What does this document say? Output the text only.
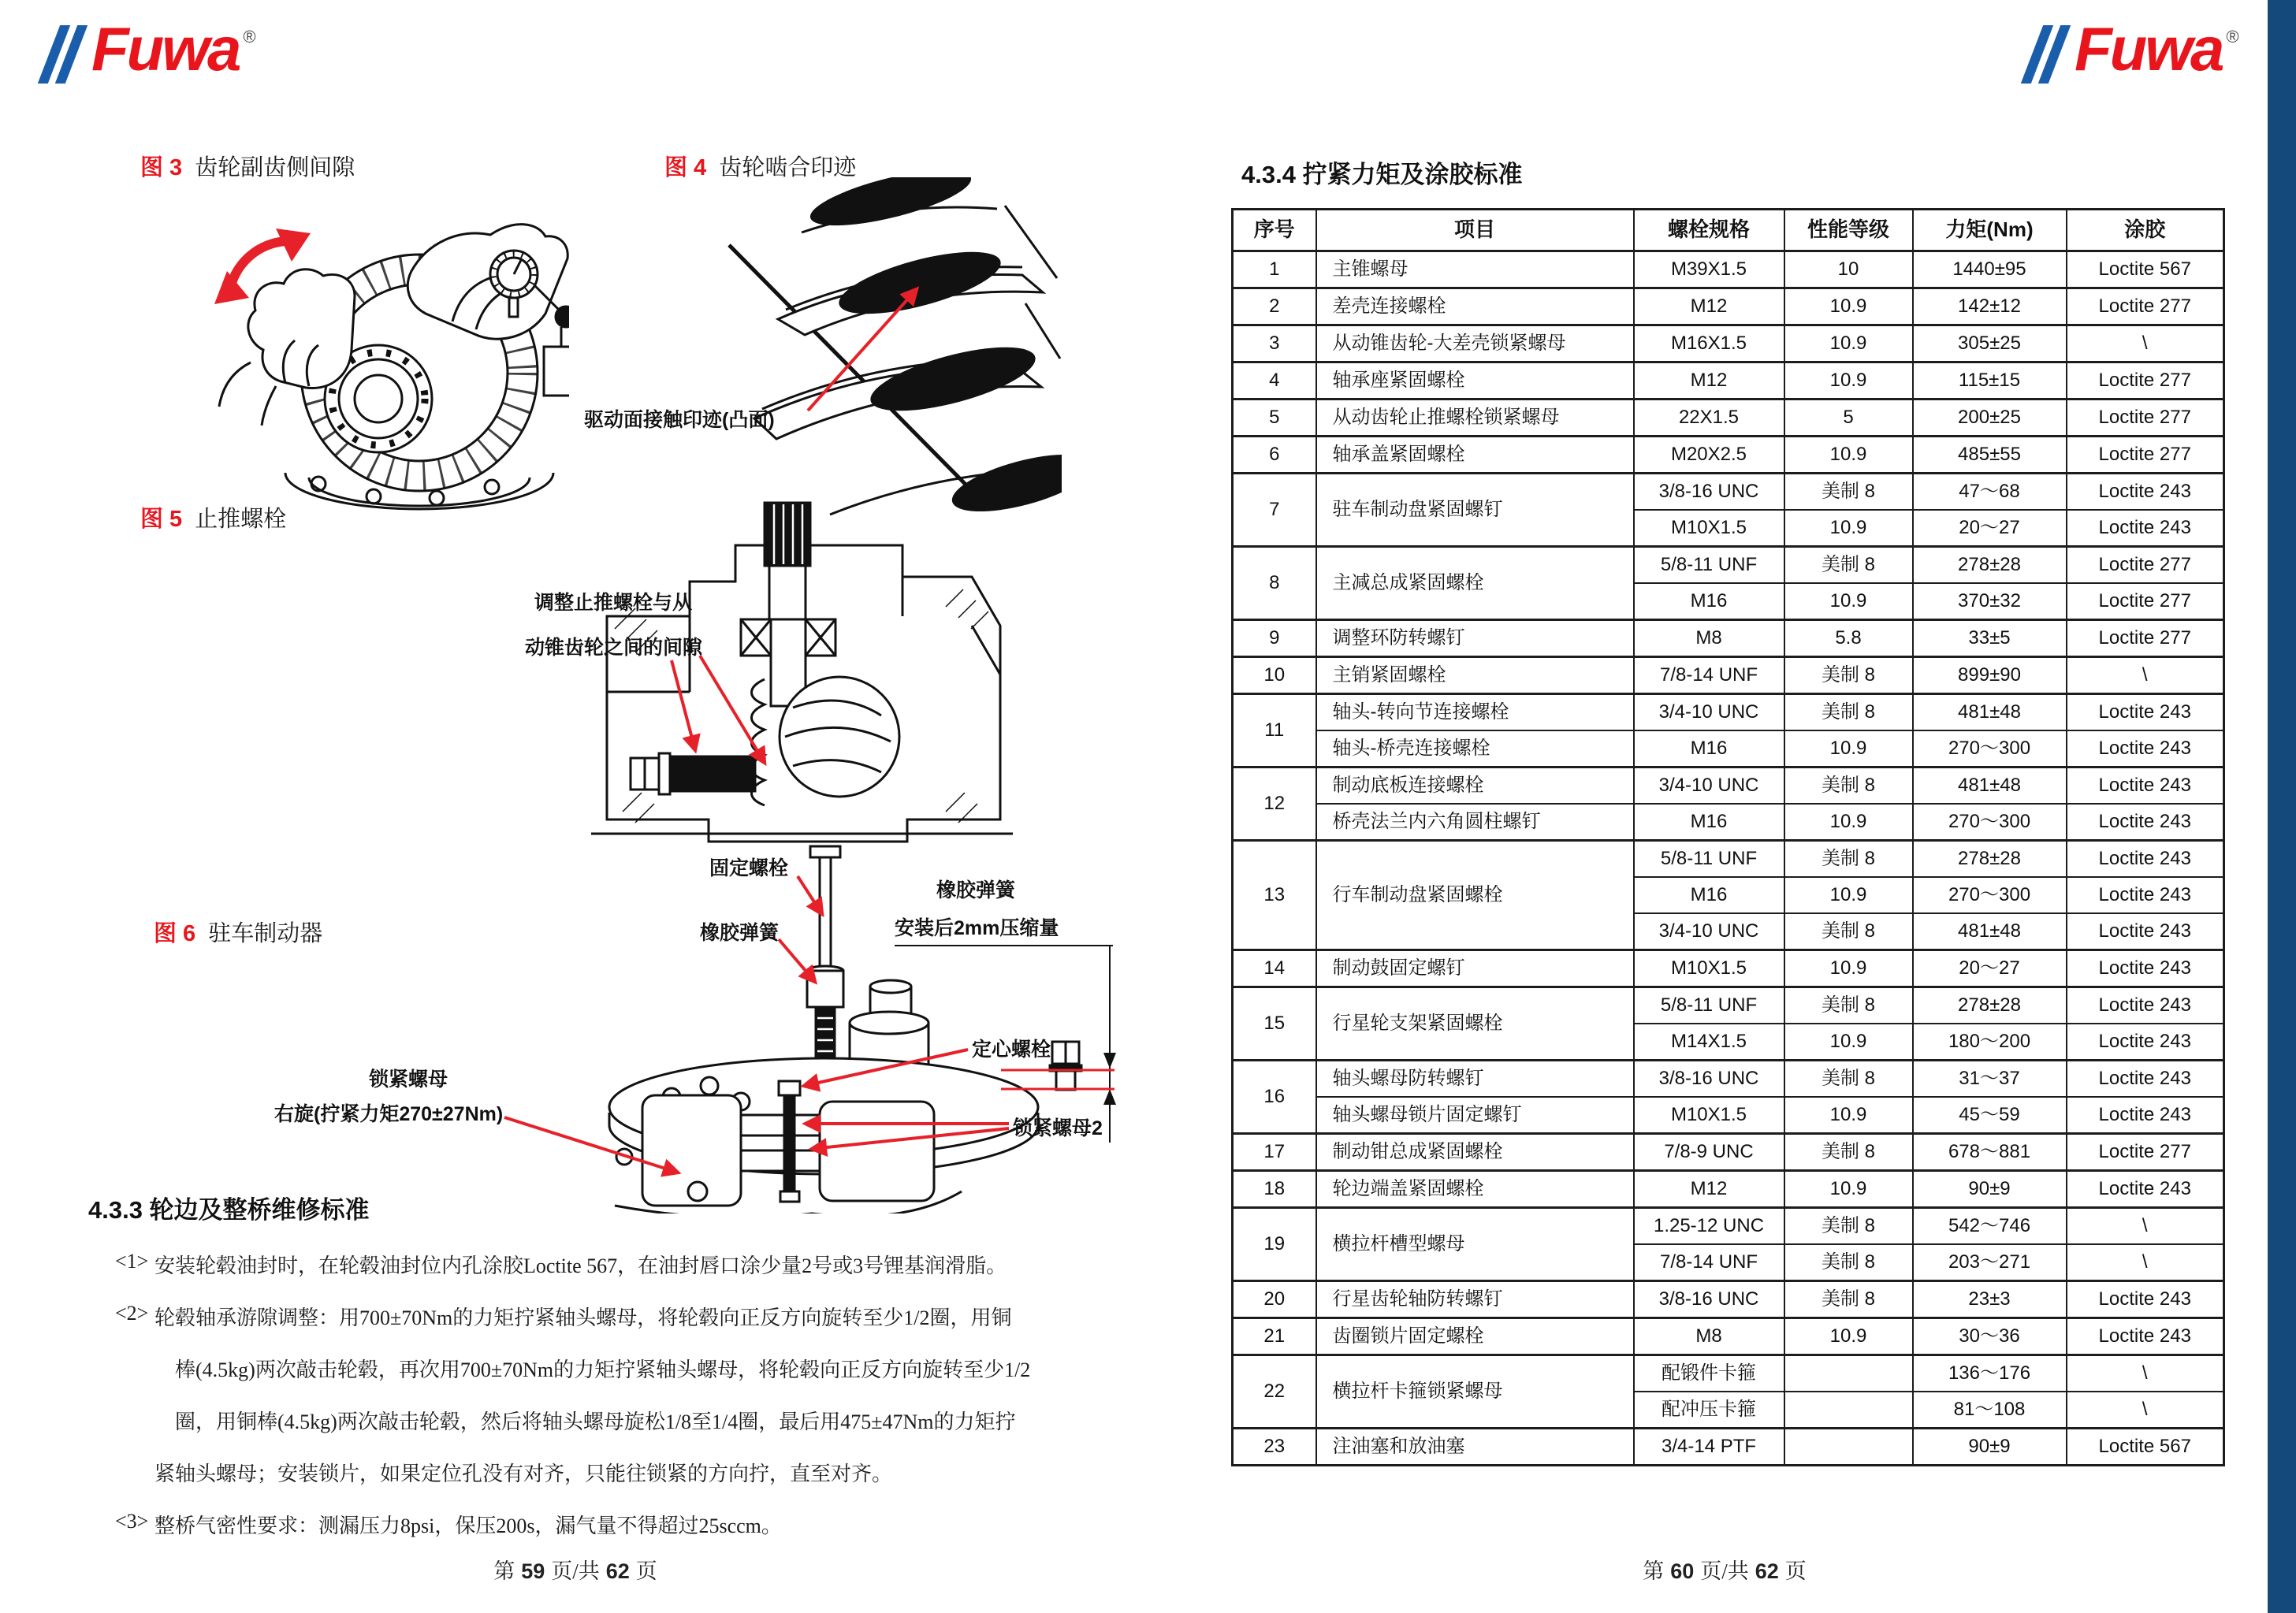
Fuwa ®
图 3 齿轮副齿侧间隙	图 4 齿轮啮合印迹
驱动面接触印迹(凸面)
图 5 止推螺栓
调整止推螺栓与从
动锥齿轮之间的间隙
图 6 驻车制动器
固定螺栓
橡胶弹簧
橡胶弹簧
安装后2mm压缩量
锁紧螺母
右旋(拧紧力矩270±27Nm)
定心螺栓
锁紧螺母2
4.3.3 轮边及整桥维修标准
<1> 安装轮毂油封时，在轮毂油封位内孔涂胶Loctite 567，在油封唇口涂少量2号或3号锂基润滑脂。
<2> 轮毂轴承游隙调整：用700±70Nm的力矩拧紧轴头螺母，将轮毂向正反方向旋转至少1/2圈，用铜
棒(4.5kg)两次敲击轮毂，再次用700±70Nm的力矩拧紧轴头螺母，将轮毂向正反方向旋转至少1/2
圈，用铜棒(4.5kg)两次敲击轮毂，然后将轴头螺母旋松1/8至1/4圈，最后用475±47Nm的力矩拧
紧轴头螺母；安装锁片，如果定位孔没有对齐，只能往锁紧的方向拧，直至对齐。
<3> 整桥气密性要求：测漏压力8psi，保压200s，漏气量不得超过25sccm。
第 59 页/共 62 页
Fuwa ®
4.3.4 拧紧力矩及涂胶标准
序号	项目	螺栓规格	性能等级	力矩(Nm)	涂胶
1	主锥螺母	M39X1.5	10	1440±95	Loctite 567
2	差壳连接螺栓	M12	10.9	142±12	Loctite 277
3	从动锥齿轮-大差壳锁紧螺母	M16X1.5	10.9	305±25	\
4	轴承座紧固螺栓	M12	10.9	115±15	Loctite 277
5	从动齿轮止推螺栓锁紧螺母	22X1.5	5	200±25	Loctite 277
6	轴承盖紧固螺栓	M20X2.5	10.9	485±55	Loctite 277
7	驻车制动盘紧固螺钉	3/8-16 UNC	美制 8	47～68	Loctite 243
		M10X1.5	10.9	20～27	Loctite 243
8	主减总成紧固螺栓	5/8-11 UNF	美制 8	278±28	Loctite 277
		M16	10.9	370±32	Loctite 277
9	调整环防转螺钉	M8	5.8	33±5	Loctite 277
10	主销紧固螺栓	7/8-14 UNF	美制 8	899±90	\
11	轴头-转向节连接螺栓	3/4-10 UNC	美制 8	481±48	Loctite 243
	轴头-桥壳连接螺栓	M16	10.9	270～300	Loctite 243
12	制动底板连接螺栓	3/4-10 UNC	美制 8	481±48	Loctite 243
	桥壳法兰内六角圆柱螺钉	M16	10.9	270～300	Loctite 243
13	行车制动盘紧固螺栓	5/8-11 UNF	美制 8	278±28	Loctite 243
		M16	10.9	270～300	Loctite 243
		3/4-10 UNC	美制 8	481±48	Loctite 243
14	制动鼓固定螺钉	M10X1.5	10.9	20～27	Loctite 243
15	行星轮支架紧固螺栓	5/8-11 UNF	美制 8	278±28	Loctite 243
		M14X1.5	10.9	180～200	Loctite 243
16	轴头螺母防转螺钉	3/8-16 UNC	美制 8	31～37	Loctite 243
	轴头螺母锁片固定螺钉	M10X1.5	10.9	45～59	Loctite 243
17	制动钳总成紧固螺栓	7/8-9 UNC	美制 8	678～881	Loctite 277
18	轮边端盖紧固螺栓	M12	10.9	90±9	Loctite 243
19	横拉杆槽型螺母	1.25-12 UNC	美制 8	542～746	\
		7/8-14 UNF	美制 8	203～271	\
20	行星齿轮轴防转螺钉	3/8-16 UNC	美制 8	23±3	Loctite 243
21	齿圈锁片固定螺栓	M8	10.9	30～36	Loctite 243
22	横拉杆卡箍锁紧螺母	配锻件卡箍		136～176	\
		配冲压卡箍		81～108	\
23	注油塞和放油塞	3/4-14 PTF		90±9	Loctite 567
第 60 页/共 62 页
